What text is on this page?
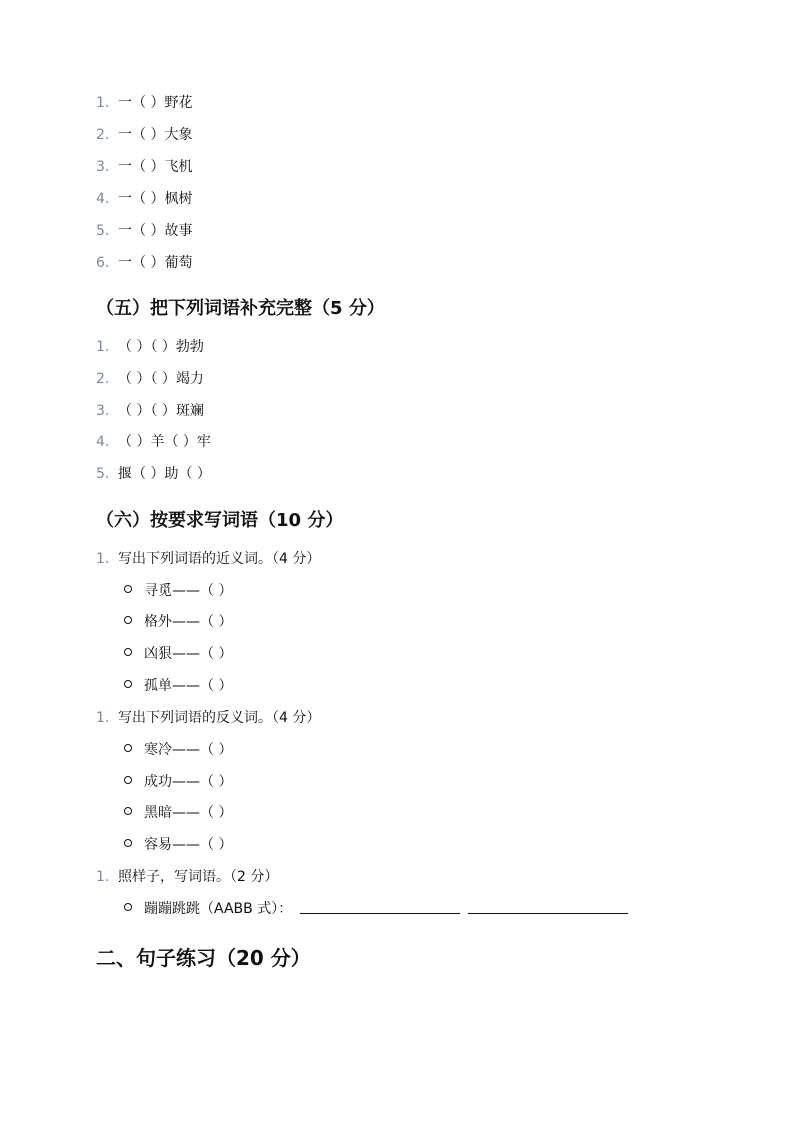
1. 一（ ）野花
2. 一（ ）大象
3. 一（ ）飞机
4. 一（ ）枫树
5. 一（ ）故事
6. 一（ ）葡萄
（五）把下列词语补充完整（5 分）
1. （ ）（ ）勃勃
2. （ ）（ ）竭力
3. （ ）（ ）斑斓
4. （ ）羊（ ）牢
5. 揠（ ）助（ ）
（六）按要求写词语（10 分）
1. 写出下列词语的近义词。（4 分）
寻觅——（ ）
格外——（ ）
凶狠——（ ）
孤单——（ ）
1. 写出下列词语的反义词。（4 分）
寒冷——（ ）
成功——（ ）
黑暗——（ ）
容易——（ ）
1. 照样子，写词语。（2 分）
蹦蹦跳跳（AABB 式）：
二、句子练习（20 分）
